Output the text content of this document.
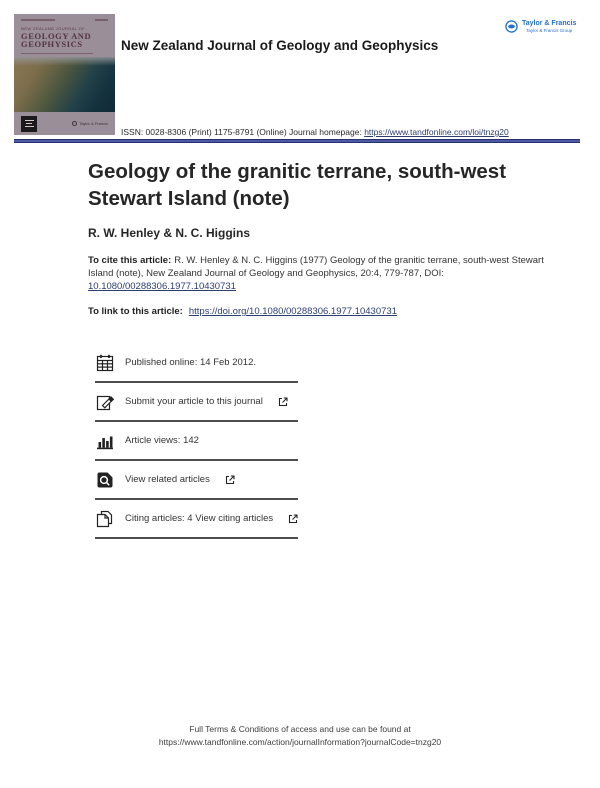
NEW ZEALAND JOURNAL OF
GEOLOGY AND
GEOPHYSICS
Taylor & Francis
Taylor & Francis
Taylor & Francis Group
New Zealand Journal of Geology and Geophysics
ISSN: 0028-8306 (Print) 1175-8791 (Online) Journal homepage: https://www.tandfonline.com/loi/tnzg20
Geology of the granitic terrane, south-west
Stewart Island (note)
R. W. Henley & N. C. Higgins

To cite this article: R. W. Henley & N. C. Higgins (1977) Geology of the granitic terrane, south-west Stewart Island (note), New Zealand Journal of Geology and Geophysics, 20:4, 779-787, DOI:
10.1080/00288306.1977.10430731

To link to this article: https://doi.org/10.1080/00288306.1977.10430731

Published online: 14 Feb 2012.
Submit your article to this journal
Article views: 142
View related articles
Citing articles: 4 View citing articles
Full Terms & Conditions of access and use can be found at
https://www.tandfonline.com/action/journalInformation?journalCode=tnzg20
